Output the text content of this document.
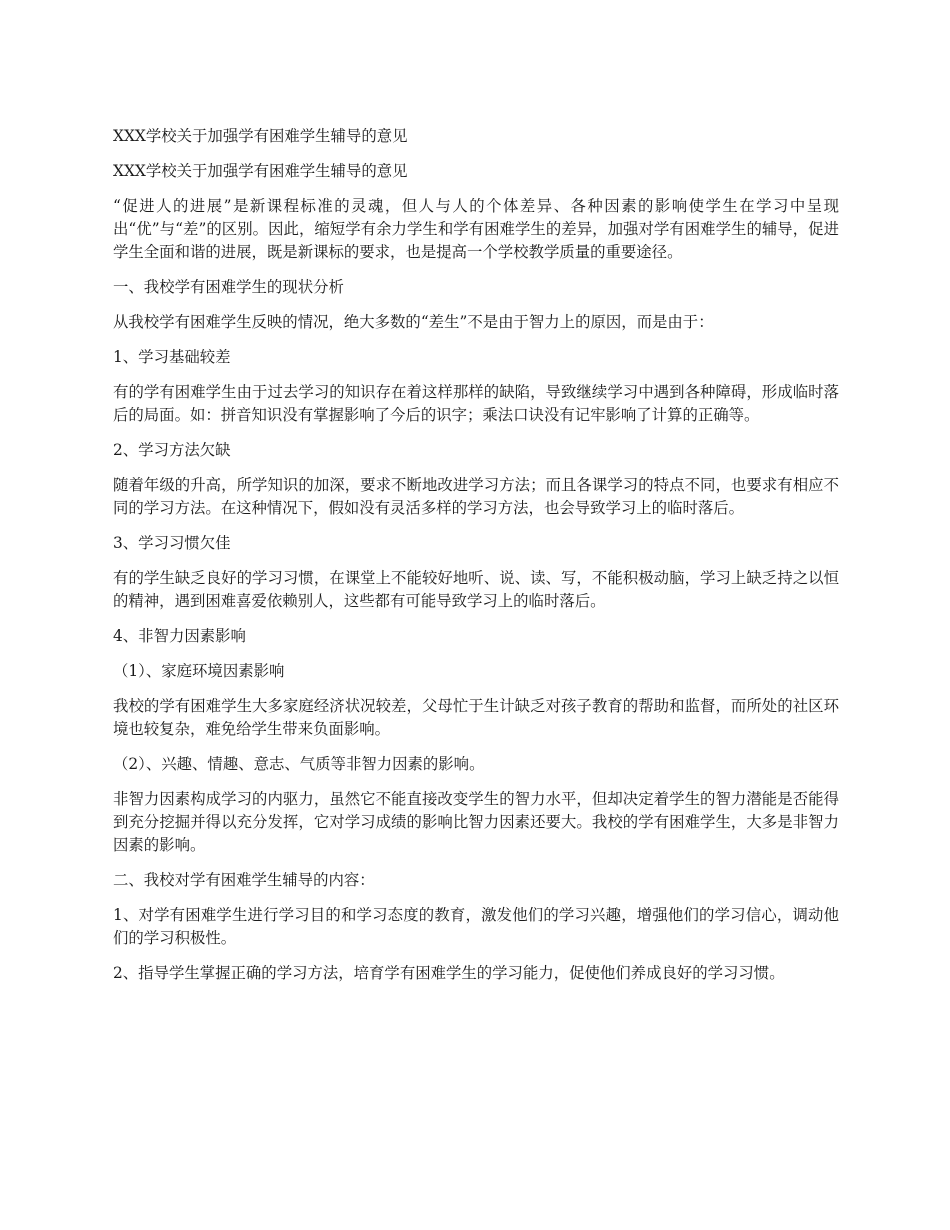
XXX学校关于加强学有困难学生辅导的意见

XXX学校关于加强学有困难学生辅导的意见

“促进人的进展”是新课程标准的灵魂，但人与人的个体差异、各种因素的影响使学生在学习中呈现出“优”与“差”的区别。因此，缩短学有余力学生和学有困难学生的差异，加强对学有困难学生的辅导，促进学生全面和谐的进展，既是新课标的要求，也是提高一个学校教学质量的重要途径。

一、我校学有困难学生的现状分析

从我校学有困难学生反映的情况，绝大多数的“差生”不是由于智力上的原因，而是由于：

1、学习基础较差

有的学有困难学生由于过去学习的知识存在着这样那样的缺陷，导致继续学习中遇到各种障碍，形成临时落后的局面。如：拼音知识没有掌握影响了今后的识字；乘法口诀没有记牢影响了计算的正确等。

2、学习方法欠缺

随着年级的升高，所学知识的加深，要求不断地改进学习方法；而且各课学习的特点不同，也要求有相应不同的学习方法。在这种情况下，假如没有灵活多样的学习方法，也会导致学习上的临时落后。

3、学习习惯欠佳

有的学生缺乏良好的学习习惯，在课堂上不能较好地听、说、读、写，不能积极动脑，学习上缺乏持之以恒的精神，遇到困难喜爱依赖别人，这些都有可能导致学习上的临时落后。

4、非智力因素影响

（1）、家庭环境因素影响

我校的学有困难学生大多家庭经济状况较差，父母忙于生计缺乏对孩子教育的帮助和监督，而所处的社区环境也较复杂，难免给学生带来负面影响。

（2）、兴趣、情趣、意志、气质等非智力因素的影响。

非智力因素构成学习的内驱力，虽然它不能直接改变学生的智力水平，但却决定着学生的智力潜能是否能得到充分挖掘并得以充分发挥，它对学习成绩的影响比智力因素还要大。我校的学有困难学生，大多是非智力因素的影响。

二、我校对学有困难学生辅导的内容：

1、对学有困难学生进行学习目的和学习态度的教育，激发他们的学习兴趣，增强他们的学习信心，调动他们的学习积极性。

2、指导学生掌握正确的学习方法，培育学有困难学生的学习能力，促使他们养成良好的学习习惯。
